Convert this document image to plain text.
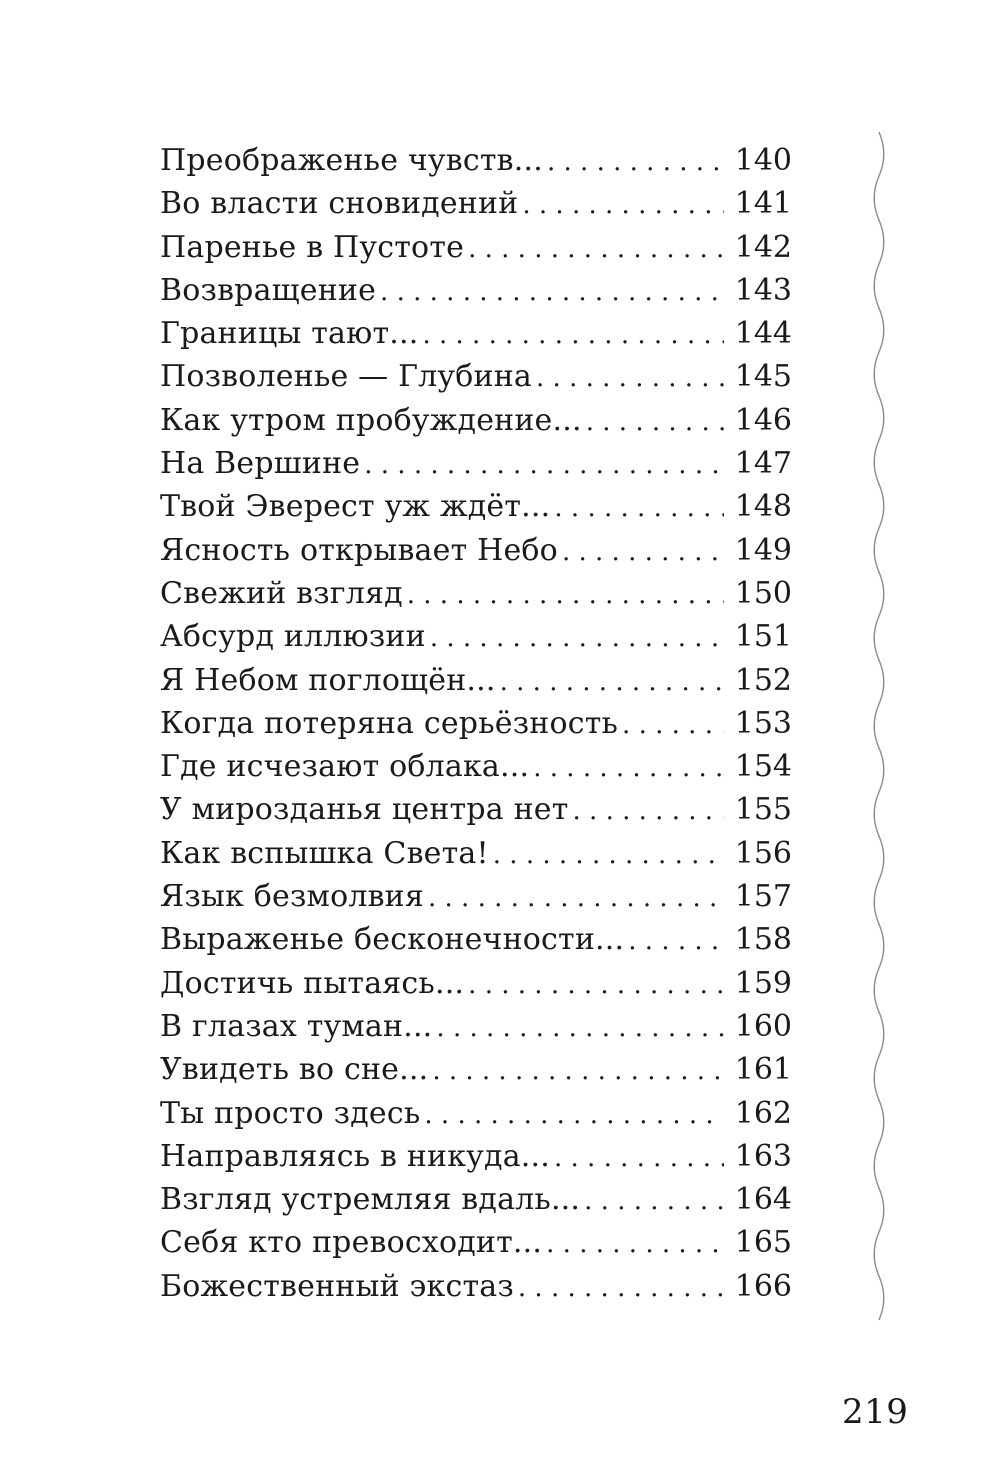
Преображенье чувств... . . .	140
Во власти сновидений . . .	141
Паренье в Пустоте . . .	142
Возвращение . . .	143
Границы тают... . . .	144
Позволенье — Глубина . . .	145
Как утром пробуждение... . . .	146
На Вершине . . .	147
Твой Эверест уж ждёт... . . .	148
Ясность открывает Небо . . .	149
Свежий взгляд . . .	150
Абсурд иллюзии . . .	151
Я Небом поглощён... . . .	152
Когда потеряна серьёзность . . .	153
Где исчезают облака... . . .	154
У мирозданья центра нет . . .	155
Как вспышка Света! . . .	156
Язык безмолвия . . .	157
Выраженье бесконечности... . . .	158
Достичь пытаясь... . . .	159
В глазах туман... . . .	160
Увидеть во сне... . . .	161
Ты просто здесь . . .	162
Направляясь в никуда... . . .	163
Взгляд устремляя вдаль... . . .	164
Себя кто превосходит... . . .	165
Божественный экстаз . . .	166
219
